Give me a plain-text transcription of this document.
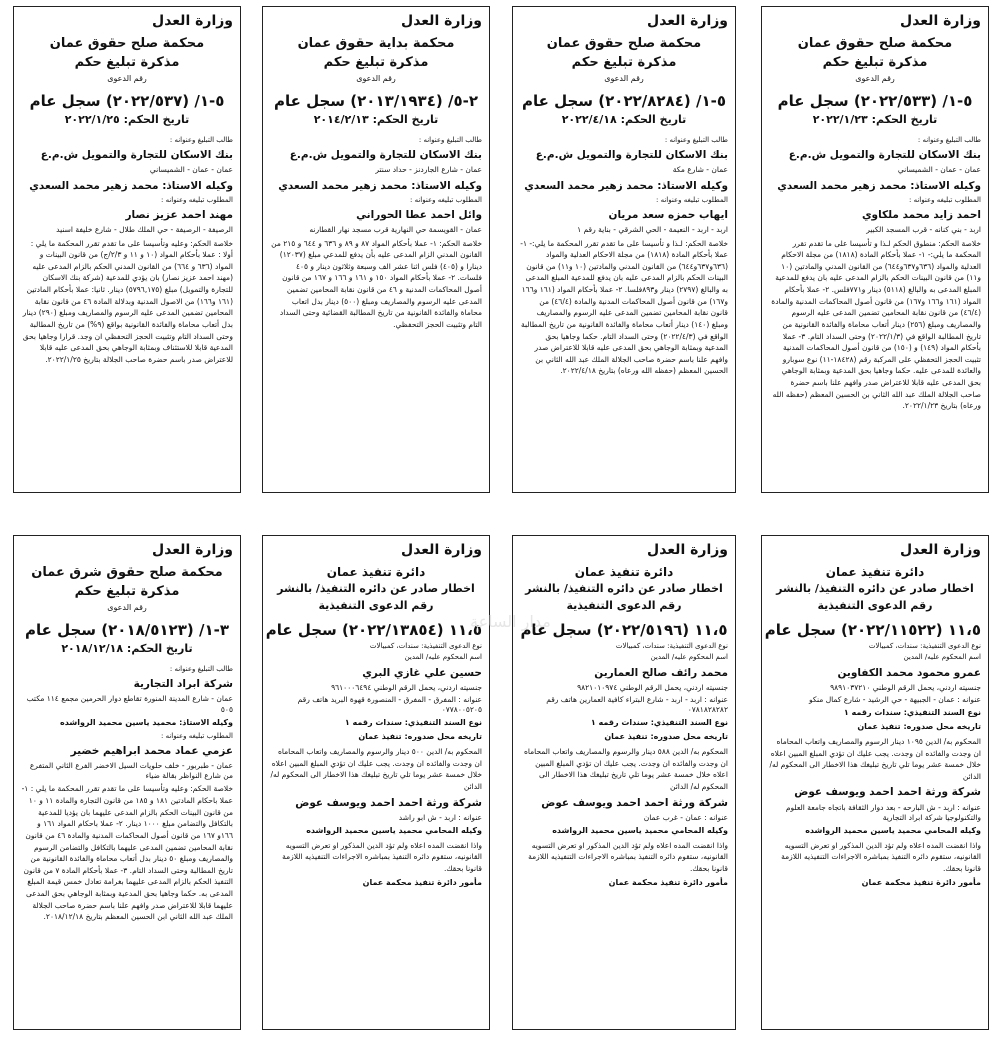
وزارة العدل
محكمة صلح حقوق عمان
مذكرة تبليغ حكم
رقم الدعوى
٥-١/ (٢٠٢٢/٥٣٣) سجل عام
تاريخ الحكم: ٢٠٢٢/١/٢٣
طالب التبليغ وعنوانه :
بنك الاسكان للتجارة والتمويل ش.م.ع
عمان - عمان - الشميساني
وكيله الاستاذ: محمد زهير محمد السعدي
المطلوب تبليغه وعنوانه :
احمد زايد محمد ملكاوي
اربد - بني كنانه - قرب المسجد الكبير
خلاصة الحكم: منطوق الحكم لـذا و تأسيسا على ما تقدم تقرر المحكمة ما يلي:- ١- عملا بأحكام المادة (١٨١٨) من مجلة الاحكام العدلية والمواد (٦٣٦و٦٣٧و٦٤٤) من القانون المدني والمادتين (١٠ و١١) من قانون البينات الحكم بالزام المدعى عليه بان يدفع للمدعية المبلغ المدعى به والبالغ (٥١١٨) دينار و٧٧١فلس. ٢- عملا بأحكام المواد (١٦١ و١٦٦ و١٦٧) من قانون أصول المحاكمات المدنية والمادة (٤٦/٤) من قانون نقابة المحامين تضمين المدعى عليه الرسوم والمصاريف ومبلغ (٢٥٦) دينار أتعاب محاماة والفائدة القانونية من تاريخ المطالبة الواقع في (٢٠٢٢/١/٣) وحتى السداد التام. ٣- عملا بأحكام المواد (١٤٩) و (١٥٠) من قانون أصول المحاكمات المدنية تثبيت الحجز التحفظي على المركبة رقم (١٨٤٢٨-١١) نوع سوبارو والعائدة للمدعى عليه. حكما وجاهيا بحق المدعية وبمثابة الوجاهي بحق المدعى عليه قابلا للاعتراض صدر وافهم علنا باسم حضرة صاحب الجلالة الملك عبد الله الثاني بن الحسين المعظم (حفظه الله ورعاه) بتاريخ ٢٠٢٢/١/٢٣.
وزارة العدل
محكمة صلح حقوق عمان
مذكرة تبليغ حكم
رقم الدعوى
٥-١/ (٢٠٢٢/٨٢٨٤) سجل عام
تاريخ الحكم: ٢٠٢٢/٤/١٨
طالب التبليغ وعنوانه :
بنك الاسكان للتجارة والتمويل ش.م.ع
عمان - شارع مكة
وكيله الاستاذ: محمد زهير محمد السعدي
المطلوب تبليغه وعنوانه :
ايهاب حمزه سعد مريان
اربد - اربد - النعيمة - الحي الشرقي - بناية رقم ١
خلاصة الحكم: لـذا و تأسيسا على ما تقدم تقرر المحكمة ما يلي:- ١- عملا بأحكام المادة (١٨١٨) من مجلة الاحكام العدلية والمواد (٦٣٦و٦٣٧و٦٤٤) من القانون المدني والمادتين (١٠ و١١) من قانون البينات الحكم بالزام المدعى عليه بان يدفع للمدعية المبلغ المدعى به والبالغ (٢٧٩٧) دينار و٨٩٣فلسا. ٢- عملا بأحكام المواد (١٦١ و١٦٦ و١٦٧) من قانون أصول المحاكمات المدنية والمادة (٤٦/٤) من قانون نقابة المحامين تضمين المدعى عليه الرسوم والمصاريف ومبلغ (١٤٠) دينار أتعاب محاماة والفائدة القانونية من تاريخ المطالبة الواقع في (٢٠٢٢/٤/٣) وحتى السداد التام. حكما وجاهيا بحق المدعية وبمثابة الوجاهي بحق المدعى عليه قابلا للاعتراض صدر وافهم علنا باسم حضرة صاحب الجلالة الملك عبد الله الثاني بن الحسين المعظم (حفظه الله ورعاه) بتاريخ ٢٠٢٢/٤/١٨.
وزارة العدل
محكمة بداية حقوق عمان
مذكرة تبليغ حكم
رقم الدعوى
٢-٥/ (٢٠١٣/١٩٣٤) سجل عام
تاريخ الحكم: ٢٠١٤/٢/١٣
طالب التبليغ وعنوانه :
بنك الاسكان للتجارة والتمويل ش.م.ع
عمان - شارع الجاردنز - حداد سنتر
وكيله الاستاذ: محمد زهير محمد السعدي
المطلوب تبليغه وعنوانه :
وائل احمد عطا الحوراني
عمان - القويسمة حي النهارية قرب مسجد نهار القطارنه
خلاصة الحكم: ١- عملا بأحكام المواد ٨٧ و ٨٩ و ٦٣٦ و ٦٤٤ و ٢١٥ من القانون المدني الزام المدعى عليه بأن يدفع للمدعي مبلغ (١٢٠٣٧) دينارا و (٤٠٥) فلس اثنا عشر الف وسبعة وثلاثون دينار و ٤٠٥ فلسات. ٢- عملا بأحكام المواد ١٥٠ و ١٦١ و ١٦٦ و ١٦٧ من قانون أصول المحاكمات المدنية و ٤٦ من قانون نقابة المحامين تضمين المدعى عليه الرسوم والمصاريف ومبلغ (٥٠٠) دينار بدل اتعاب محاماة والفائدة القانونية من تاريخ المطالبة القضائية وحتى السداد التام وتثبيت الحجز التحفظي.
وزارة العدل
محكمة صلح حقوق عمان
مذكرة تبليغ حكم
رقم الدعوى
٥-١/ (٢٠٢٢/٥٣٧) سجل عام
تاريخ الحكم: ٢٠٢٢/١/٢٥
طالب التبليغ وعنوانه :
بنك الاسكان للتجارة والتمويل ش.م.ع
عمان - عمان - الشميساني
وكيله الاستاذ: محمد زهير محمد السعدي
المطلوب تبليغه وعنوانه :
مهند احمد عزيز نصار
الرصيفة - الرصيفة - حي الملك طلال - شارع خليفة اسنيد
خلاصة الحكم: وعليه وتأسيسا على ما تقدم تقرر المحكمة ما يلي : أولا : عملا بأحكام المواد (١٠ و ١١ و ٢/٣/ج) من قانون البينات و المواد (٦٣٦ و ٦٦٤) من القانون المدني الحكم بالزام المدعى عليه (مهند احمد عزيز نصار) بان يؤدي للمدعية (شركة بنك الاسكان للتجارة والتمويل) مبلغ (٥٧٩٦,١٧٥) دينار. ثانيا: عملا بأحكام المادتين (١٦١ و١٦٦) من الاصول المدنية وبدلالة المادة ٤٦ من قانون نقابة المحامين تضمين المدعى عليه الرسوم والمصاريف ومبلغ (٢٩٠) دينار بدل أتعاب محاماة والفائدة القانونية بواقع (٩%) من تاريخ المطالبة وحتى السداد التام وتثبيت الحجز التحفظي ان وجد. قرارا وجاهيا بحق المدعية قابلا للاستئناف وبمثابة الوجاهي بحق المدعى عليه قابلا للاعتراض صدر باسم حضرة صاحب الجلالة بتاريخ ٢٠٢٢/١/٢٥.
وزارة العدل
دائرة تنفيذ عمان
اخطار صادر عن دائره التنفيذ/ بالنشر
رقم الدعوى التنفيذية
١١،٥ (٢٠٢٢/١١٥٢٢) سجل عام
نوع الدعوى التنفيذية: سندات، كمبيالات
اسم المحكوم عليه/ المدين
عمرو محمود محمد الكفاوين
جنسيته اردني، يحمل الرقم الوطني ٩٨٩١٠٣٧٢١٠
عنوانه : عمان - الجبيهة - حي الرشيد - شارع كمال منكو
نوع السند التنفيذي: سندات رقمه ١
تاريخه محل صدوره: تنفيذ عمان
المحكوم به/ الدين ١٠٩٥ دينار الرسوم والمصاريف واتعاب المحاماه ان وجدت والفائده ان وجدت. يجب عليك ان تؤدي المبلغ المبين اعلاه خلال خمسة عشر يوما تلي تاريخ تبليغك هذا الاخطار الى المحكوم له/ الدائن
شركة ورثة احمد احمد ويوسف عوض
عنوانه : اربد - ش البارحه - بعد دوار الثقافة باتجاه جامعة العلوم والتكنولوجيا شركة ابراد التجارية
وكيله المحامي محميد ياسين محميد الرواشده
واذا انقضت المده اعلاه ولم تؤد الدين المذكور او تعرض التسويه القانونيه، ستقوم دائره التنفيذ بمباشره الاجراءات التنفيذيه اللازمة قانونا بحقك.
مأمور دائرة تنفيذ محكمة عمان
وزارة العدل
دائرة تنفيذ عمان
اخطار صادر عن دائره التنفيذ/ بالنشر
رقم الدعوى التنفيذية
١١،٥ (٢٠٢٢/٥١٩٦) سجل عام
نوع الدعوى التنفيذية: سندات، كمبيالات
اسم المحكوم عليه/ المدين
محمد رائف صالح العمارين
جنسيته اردني، يحمل الرقم الوطني ٩٨٢١٠١٠٩٧٤
عنوانه : اربد - اربد - شارع البتراء كافية العمارين هاتف رقم ٠٧٨١٨٢٨٢٨٢
نوع السند التنفيذي: سندات رقمه ١
تاريخه محل صدوره: تنفيذ عمان
المحكوم به/ الدين ٥٨٨ دينار والرسوم والمصاريف واتعاب المحاماه ان وجدت والفائده ان وجدت. يجب عليك ان تؤدي المبلغ المبين اعلاه خلال خمسة عشر يوما تلي تاريخ تبليغك هذا الاخطار الى المحكوم له/ الدائن
شركة ورثة احمد احمد ويوسف عوض
عنوانه : عمان - غرب عمان
وكيله المحامي محميد ياسين محميد الرواشده
واذا انقضت المده اعلاه ولم تؤد الدين المذكور او تعرض التسويه القانونيه، ستقوم دائره التنفيذ بمباشره الاجراءات التنفيذيه اللازمة قانونا بحقك.
مأمور دائرة تنفيذ محكمة عمان
وزارة العدل
دائرة تنفيذ عمان
اخطار صادر عن دائره التنفيذ/ بالنشر
رقم الدعوى التنفيذية
١١،٥ (٢٠٢٢/١٣٨٥٤) سجل عام
نوع الدعوى التنفيذية: سندات، كمبيالات
اسم المحكوم عليه/ المدين
حسين علي غازي البري
جنسيته اردني، يحمل الرقم الوطني ٩٦١٠٠٠٦٤٩٤
عنوانه : المفرق - المفرق - المنصورة قهوة البريد هاتف رقم ٠٧٧٨٠٠٥٢٠٥
نوع السند التنفيذي: سندات رقمه ١
تاريخه محل صدوره: تنفيذ عمان
المحكوم به/ الدين ٥٠٠ دينار والرسوم والمصاريف واتعاب المحاماه ان وجدت والفائده ان وجدت. يجب عليك ان تؤدي المبلغ المبين اعلاه خلال خمسة عشر يوما تلي تاريخ تبليغك هذا الاخطار الى المحكوم له/ الدائن
شركة ورثة احمد احمد ويوسف عوض
عنوانه : اربد - ش ابو راشد
وكيله المحامي محميد ياسين محميد الرواشده
واذا انقضت المده اعلاه ولم تؤد الدين المذكور او تعرض التسويه القانونيه، ستقوم دائره التنفيذ بمباشره الاجراءات التنفيذيه اللازمة قانونا بحقك.
مأمور دائرة تنفيذ محكمة عمان
وزارة العدل
محكمة صلح حقوق شرق عمان
مذكرة تبليغ حكم
رقم الدعوى
٣-١/ (٢٠١٨/٥١٢٣) سجل عام
تاريخ الحكم: ٢٠١٨/١٢/١٨
طالب التبليغ وعنوانه :
شركة ابراد التجارية
عمان - شارع المدينة المنورة تقاطع دوار الحرمين مجمع ١١٤ مكتب ٥٠٥
وكيله الاستاذ: محميد ياسين محميد الرواشده
المطلوب تبليغه وعنوانه :
عزمي عماد محمد ابراهيم خضير
عمان - طبربور - خلف حلويات السيل الاخضر الفرع الثاني المتفرع من شارع النواظر بقالة ضياء
خلاصة الحكم: وعليه وتأسيسا على ما تقدم تقرر المحكمة ما يلي : ١- عملا باحكام المادتين ١٨١ و ١٨٥ من قانون التجارة والمادة ١١ و ١٠ من قانون البينات الحكم بالزام المدعى عليهما بان يؤديا للمدعية بالتكافل والتضامن مبلغ ١٠٠٠ دينار. ٢- عملا باحكام المواد ١٦١ و ١٦٦و ١٦٧ من قانون أصول المحاكمات المدنية والمادة ٤٦ من قانون نقابة المحامين تضمين المدعى عليهما بالتكافل والتضامن الرسوم والمصاريف ومبلغ ٥٠ دينار بدل أتعاب محاماة والفائدة القانونية من تاريخ المطالبة وحتى السداد التام. ٣- عملا بأحكام المادة ٧ من قانون التنفيذ الحكم بالزام المدعى عليهما بغرامة تعادل خمس قيمة المبلغ المدعى به. حكما وجاهيا بحق المدعية وبمثابة الوجاهي بحق المدعى عليهما قابلا للاعتراض صدر وافهم علنا باسم حضرة صاحب الجلالة الملك عبد الله الثاني ابن الحسين المعظم بتاريخ ٢٠١٨/١٢/١٨.
مدار الساعة
